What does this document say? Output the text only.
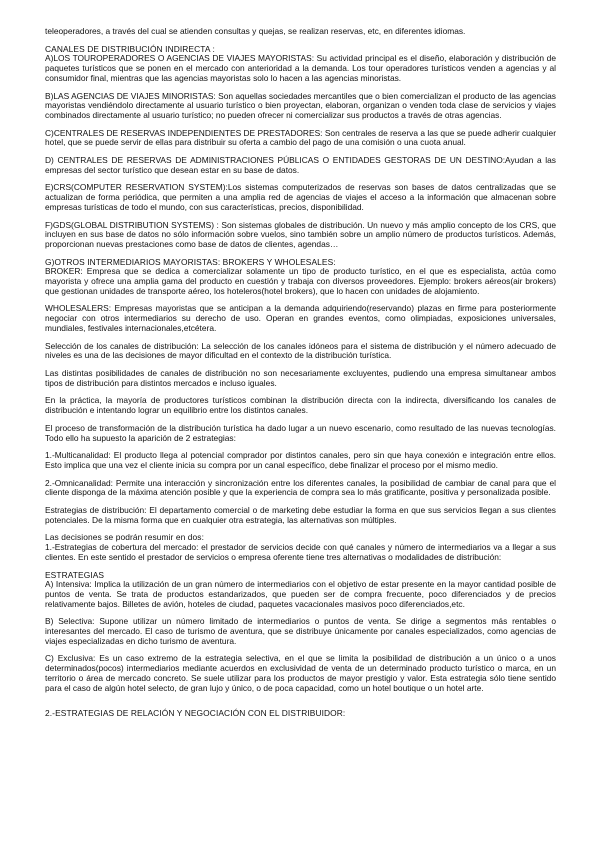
teleoperadores, a través del cual se atienden consultas y quejas, se realizan reservas, etc, en diferentes idiomas.

CANALES DE DISTRIBUCIÓN INDIRECTA :

A)LOS TOUROPERADORES O AGENCIAS DE VIAJES MAYORISTAS: Su actividad principal es el diseño, elaboración y distribución de paquetes turísticos que se ponen en el mercado con anterioridad a la demanda. Los tour operadores turísticos venden a agencias y al consumidor final, mientras que las agencias mayoristas solo lo hacen a las agencias minoristas.

B)LAS AGENCIAS DE VIAJES MINORISTAS: Son aquellas sociedades mercantiles que o bien comercializan el producto de las agencias mayoristas vendiéndolo directamente al usuario turístico o bien proyectan, elaboran, organizan o venden toda clase de servicios y viajes combinados directamente al usuario turístico; no pueden ofrecer ni comercializar sus productos a través de otras agencias.

C)CENTRALES DE RESERVAS INDEPENDIENTES DE PRESTADORES: Son centrales de reserva a las que se puede adherir cualquier hotel, que se puede servir de ellas para distribuir su oferta a cambio del pago de una comisión o una cuota anual.

D) CENTRALES DE RESERVAS DE ADMINISTRACIONES PÚBLICAS O ENTIDADES GESTORAS DE UN DESTINO:Ayudan a las empresas del sector turístico que desean estar en su base de datos.

E)CRS(COMPUTER RESERVATION SYSTEM):Los sistemas computerizados de reservas son bases de datos centralizadas que se actualizan de forma periódica, que permiten a una amplia red de agencias de viajes el acceso a la información que almacenan sobre empresas turísticas de todo el mundo, con sus características, precios, disponibilidad.

F)GDS(GLOBAL DISTRIBUTION SYSTEMS) : Son sistemas globales de distribución. Un nuevo y más amplio concepto de los CRS, que incluyen en sus base de datos no sólo información sobre vuelos, sino también sobre un amplio número de productos turísticos. Además, proporcionan nuevas prestaciones como base de datos de clientes, agendas…

G)OTROS INTERMEDIARIOS MAYORISTAS: BROKERS Y WHOLESALES:

BROKER: Empresa que se dedica a comercializar solamente un tipo de producto turístico, en el que es especialista, actúa como mayorista y ofrece una amplia gama del producto en cuestión y trabaja con diversos proveedores. Ejemplo: brokers aéreos(air brokers) que gestionan unidades de transporte aéreo, los hoteleros(hotel brokers), que lo hacen con unidades de alojamiento.

WHOLESALERS: Empresas mayoristas que se anticipan a la demanda adquiriendo(reservando) plazas en firme para posteriormente negociar con otros intermediarios su derecho de uso. Operan en grandes eventos, como olimpiadas, exposiciones universales, mundiales, festivales internacionales,etcétera.

Selección de los canales de distribución: La selección de los canales idóneos para el sistema de distribución y el número adecuado de niveles es una de las decisiones de mayor dificultad en el contexto de la distribución turística.

Las distintas posibilidades de canales de distribución no son necesariamente excluyentes, pudiendo una empresa simultanear ambos tipos de distribución para distintos mercados e incluso iguales.

En la práctica, la mayoría de productores turísticos combinan la distribución directa con la indirecta, diversificando los canales de distribución e intentando lograr un equilibrio entre los distintos canales.

El proceso de transformación de la distribución turística ha dado lugar a un nuevo escenario, como resultado de las nuevas tecnologías. Todo ello ha supuesto la aparición de 2 estrategias:

1.-Multicanalidad: El producto llega al potencial comprador por distintos canales, pero sin que haya conexión e integración entre ellos. Esto implica que una vez el cliente inicia su compra por un canal específico, debe finalizar el proceso por el mismo medio.

2.-Omnicanalidad: Permite una interacción y sincronización entre los diferentes canales, la posibilidad de cambiar de canal para que el cliente disponga de la máxima atención posible y que la experiencia de compra sea lo más gratificante, positiva y personalizada posible.

Estrategias de distribución: El departamento comercial o de marketing debe estudiar la forma en que sus servicios llegan a sus clientes potenciales. De la misma forma que en cualquier otra estrategia, las alternativas son múltiples.

Las decisiones se podrán resumir en dos:

1.-Estrategias de cobertura del mercado: el prestador de servicios decide con qué canales y número de intermediarios va a llegar a sus clientes. En este sentido el prestador de servicios o empresa oferente tiene tres alternativas o modalidades de distribución:

ESTRATEGIAS

A) Intensiva: Implica la utilización de un gran número de intermediarios con el objetivo de estar presente en la mayor cantidad posible de puntos de venta. Se trata de productos estandarizados, que pueden ser de compra frecuente, poco diferenciados y de precios relativamente bajos. Billetes de avión, hoteles de ciudad, paquetes vacacionales masivos poco diferenciados,etc.

B) Selectiva: Supone utilizar un número limitado de intermediarios o puntos de venta. Se dirige a segmentos más rentables o interesantes del mercado. El caso de turismo de aventura, que se distribuye únicamente por canales especializados, como agencias de viajes especializadas en dicho turismo de aventura.

C) Exclusiva: Es un caso extremo de la estrategia selectiva, en el que se limita la posibilidad de distribución a un único o a unos determinados(pocos) intermediarios mediante acuerdos en exclusividad de venta de un determinado producto turístico o marca, en un territorio o área de mercado concreto. Se suele utilizar para los productos de mayor prestigio y valor. Esta estrategia sólo tiene sentido para el caso de algún hotel selecto, de gran lujo y único, o de poca capacidad, como un hotel boutique o un hotel arte.

2.-ESTRATEGIAS DE RELACIÓN Y NEGOCIACIÓN CON EL DISTRIBUIDOR:
